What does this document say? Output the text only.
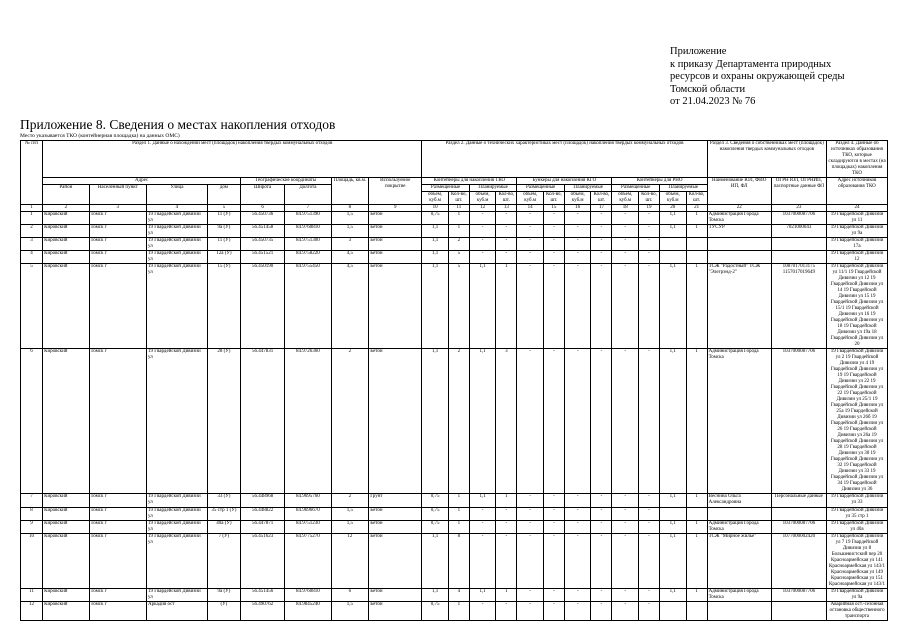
Приложение
к приказу Департамента природных
ресурсов и охраны окружающей среды
Томской области
от 21.04.2023 № 76
Приложение 8. Сведения о местах накопления отходов
Место указывается ТКО (контейнерная площадка) на данных ОМС)
№ п/п	Раздел 1. Данные о нахождении мест (площадок) накопления твердых коммунальных отходов								Раздел 2. Данные о технических характеристиках мест (площадок) накопления твердых коммунальных отходов												Раздел 3. Сведения о собственниках мест (площадок) накопления твердых коммунальных отходов		Раздел 4. Данные об источниках образования ТКО, которые складируются в местах (на площадках) накопления ТКО
	Адрес				Географические координаты		Площадь, кв.м.	Используемое покрытие	Контейнеры для накопления ТКО				Бункеры для накопления КГО				Контейнеры для РНО				Наименование ЮЛ, ФИО ИП, ФЛ	ОГРН ЮЛ, ОГРНИП, паспортные данные ФЛ	Адрес источников образования ТКО
	Район	Населенный пункт	Улица	дом	Широта	Долгота			Размещенные		Планируемые		Размещенные		Планируемые		Размещенные		Планируемые				
									объем, куб.м	Кол-во, шт.	объем, куб.м	Кол-во, шт.	объем, куб.м	Кол-во, шт.	объем, куб.м	Кол-во, шт.	объем, куб.м	Кол-во, шт.	объем, куб.м	Кол-во, шт.			
1	2	3	4	5	6	7	8	9	10	11	12	13	14	15	16	17	18	19	20	21	22	23	24
1	Кировский	Томск г	19 Гвардейской Дивизии ул	11 (У)	56.450736	84.9751390	1,5	Бетон	0,75	1	-	-	-	-	-	-	-	-	1,1	1	Администрация Города Томска	1037000087706	19 Гвардейской Дивизии ул 11
2	Кировский	Томск г	19 Гвардейской Дивизии ул	9а (У)	56.451458	84.9760810	1,5	Бетон	1,1	1	-	-	-	-	-	-	-	-	1,1	1	ТУСУР	7021000043	19 Гвардейской Дивизии ул 9а
3	Кировский	Томск г	19 Гвардейской Дивизии ул	11 (У)	56.450735	84.9751300	3	Бетон	1,1	2	-	-	-	-	-	-	-	-					19 Гвардейской Дивизии 17а
4	Кировский	Томск г	19 Гвардейской Дивизии ул	12а (У)	56.451521	84.9758220	4,5	Бетон	1,1	5	-	-	-	-	-	-	-	-					19 Гвардейской Дивизии 12
5	Кировский	Томск г	19 Гвардейской Дивизии ул	15 (У)	56.450190	84.9755450	4,5	Бетон	1,1	5	1,1	1	-	-	-	-	-	-	1,1	1	ТСЖ "Радостный" ТСЖ "Элегрэнд-2"	1087017013175 1157017019649	19 Гвардейской Дивизии ул 11/1 19 Гвардейской Дивизии ул 12 19 Гвардейской Дивизии ул 14 19 Гвардейской Дивизии ул 15 19 Гвардейской Дивизии ул 15/1 19 Гвардейской Дивизии ул 16 19 Гвардейской Дивизии ул 18 19 Гвардейской Дивизии ул 19а 18 Гвардейской Дивизии ул 20
6	Кировский	Томск г	19 Гвардейской Дивизии ул	28 (У)	56.447831	84.9726360	2	Бетон	1,1	2	1,1	3	-	-	-	-	-	-	1,1	1	Администрация Города Томска	1037000087706	19 Гвардейской Дивизии ул 2 19 Гвардейской Дивизии ул 4 19 Гвардейской Дивизии ул 19 19 Гвардейской Дивизии ул 22 19 Гвардейской Дивизии ул 22 19 Гвардейской Дивизии ул 25/1 19 Гвардейской Дивизии ул 25а 19 Гвардейской Дивизии ул 26б 19 Гвардейской Дивизии ул 26 19 Гвардейской Дивизии ул 26а 19 Гвардейской Дивизии ул 28 19 Гвардейской Дивизии ул 30 19 Гвардейской Дивизии ул 32 19 Гвардейской Дивизии ул 33 19 Гвардейской Дивизии ул 34 19 Гвардейской Дивизии ул 36
7	Кировский	Томск г	19 Гвардейской Дивизии ул	33 (У)	56.448968	84.9695760	2	Грунт	0,75	1	1,1	1	-	-	-	-	-	-	1,1	1	Веснина Ольга Александровна	Персональные данные	19 Гвардейской Дивизии ул 33
8	Кировский	Томск г	19 Гвардейской Дивизии ул	35 стр 1 (У)	56.448822	84.9696670	1,5	Бетон	0,75	1	-	-	-	-	-	-	-	-					19 Гвардейской Дивизии ул 35 стр 1
9	Кировский	Томск г	19 Гвардейской Дивизии ул	40а (У)	56.447871	84.9751230	1,5	Бетон	0,75	1	-	-	-	-	-	-	-	-	1,1	1	Администрация Города Томска	1037000087706	19 Гвардейской Дивизии ул 40а
10	Кировский	Томск г	19 Гвардейской Дивизии ул	7 (У)	56.451623	84.9775270	12	Бетон	1,1	8	-	-	-	-	-	-	-	-	1,1	1	ТСЖ "Мирное жилье"	1077000002420	19 Гвардейской Дивизии ул 7 19 Гвардейской Дивизии ул 8 Большевистский пер 20 Красноармейская ул 141 Красноармейская ул 143/1 Красноармейская ул 149 Красноармейская ул 151 Красноармейская ул 143/1
11	Кировский	Томск г	19 Гвардейской Дивизии ул	9а (У)	56.451456	84.9760810	6	Бетон	1,1	4	1,1	1	-	-	-	-	-	-	1,1	1	Администрация Города Томска	1037000087706	19 Гвардейской Дивизии ул 9а
12	Кировский	Томск г	Аркадия ост	(У)	56.490762	84.9845240	1,5	Бетон	0,75	1	-	-	-	-	-	-	-	-					Аварийная ост.-сезонная остановка общественного транспорта
